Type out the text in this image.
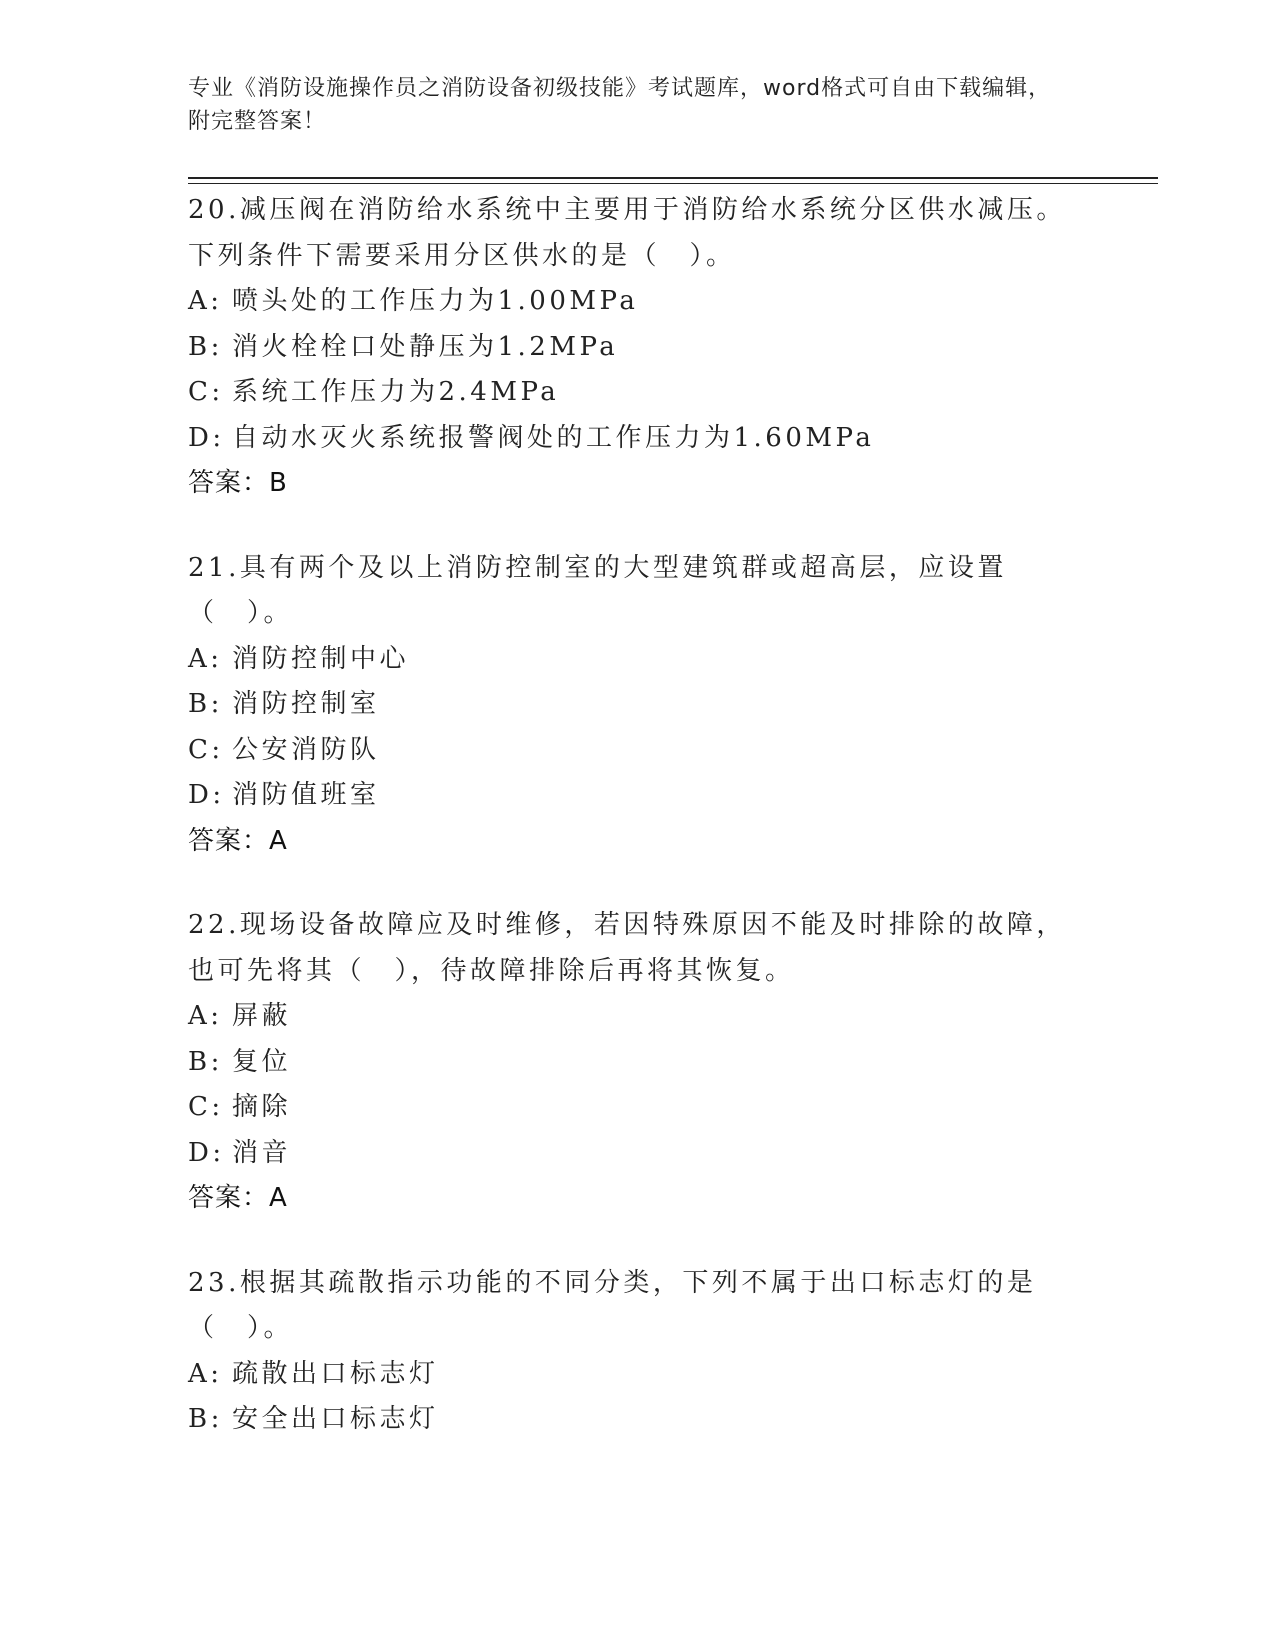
专业《消防设施操作员之消防设备初级技能》考试题库，word格式可自由下载编辑，附完整答案！
20.减压阀在消防给水系统中主要用于消防给水系统分区供水减压。下列条件下需要采用分区供水的是（　）。
A: 喷头处的工作压力为1.00MPa
B: 消火栓栓口处静压为1.2MPa
C: 系统工作压力为2.4MPa
D: 自动水灭火系统报警阀处的工作压力为1.60MPa
答案：B
21.具有两个及以上消防控制室的大型建筑群或超高层，应设置（　）。
A: 消防控制中心
B: 消防控制室
C: 公安消防队
D: 消防值班室
答案：A
22.现场设备故障应及时维修，若因特殊原因不能及时排除的故障，也可先将其（　），待故障排除后再将其恢复。
A: 屏蔽
B: 复位
C: 摘除
D: 消音
答案：A
23.根据其疏散指示功能的不同分类，下列不属于出口标志灯的是（　）。
A: 疏散出口标志灯
B: 安全出口标志灯
